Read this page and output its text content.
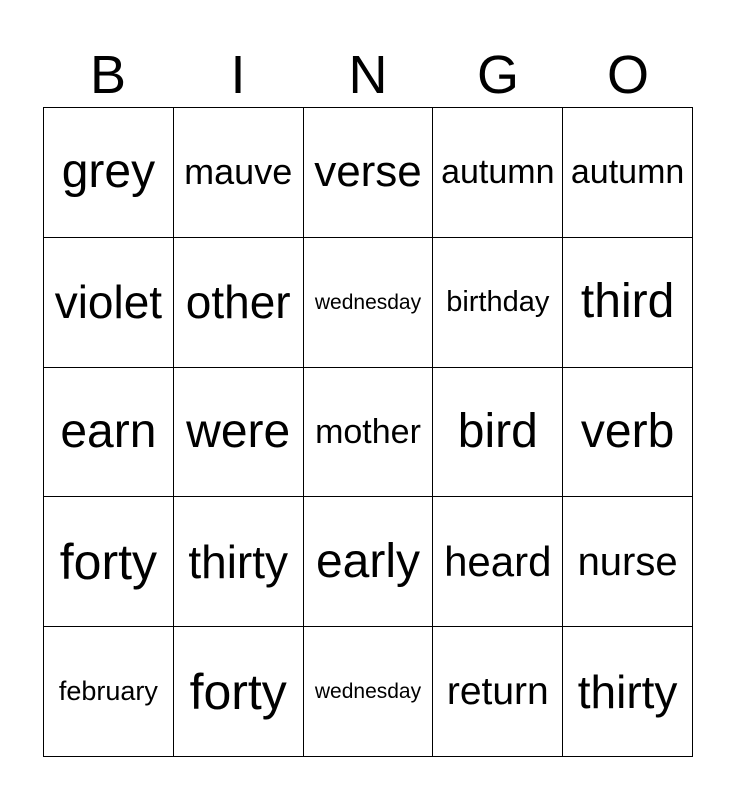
B	I	N	G	O
grey mauve verse autumn autumn
violet other wednesday birthday third
earn were mother bird verb
forty thirty early heard nurse
february forty wednesday return thirty
